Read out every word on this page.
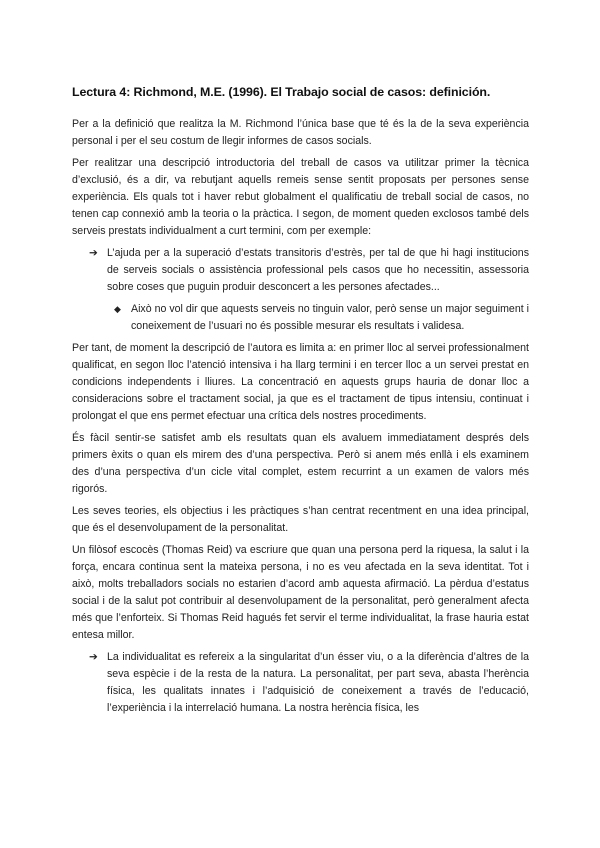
Lectura 4: Richmond, M.E. (1996). El Trabajo social de casos: definición.

Per a la definició que realitza la M. Richmond l’única base que té és la de la seva experiència personal i per el seu costum de llegir informes de casos socials.

Per realitzar una descripció introductoria del treball de casos va utilitzar primer la tècnica d’exclusió, és a dir, va rebutjant aquells remeis sense sentit proposats per persones sense experiència. Els quals tot i haver rebut globalment el qualificatiu de treball social de casos, no tenen cap connexió amb la teoria o la pràctica. I segon, de moment queden exclosos també dels serveis prestats individualment a curt termini, com per exemple:

➔ L’ajuda per a la superació d’estats transitoris d’estrès, per tal de que hi hagi institucions de serveis socials o assistència professional pels casos que ho necessitin, assessoria sobre coses que puguin produir desconcert a les persones afectades...
◆ Això no vol dir que aquests serveis no tinguin valor, però sense un major seguiment i coneixement de l’usuari no és possible mesurar els resultats i validesa.

Per tant, de moment la descripció de l’autora es limita a: en primer lloc al servei professionalment qualificat, en segon lloc l’atenció intensiva i ha llarg termini i en tercer lloc a un servei prestat en condicions independents i lliures. La concentració en aquests grups hauria de donar lloc a consideracions sobre el tractament social, ja que es el tractament de tipus intensiu, continuat i prolongat el que ens permet efectuar una crítica dels nostres procediments.

És fàcil sentir-se satisfet amb els resultats quan els avaluem immediatament després dels primers èxits o quan els mirem des d’una perspectiva. Però si anem més enllà i els examinem des d’una perspectiva d’un cicle vital complet, estem recurrint a un examen de valors més rigorós.

Les seves teories, els objectius i les pràctiques s’han centrat recentment en una idea principal, que és el desenvolupament de la personalitat.

Un filòsof escocès (Thomas Reid) va escriure que quan una persona perd la riquesa, la salut i la força, encara continua sent la mateixa persona, i no es veu afectada en la seva identitat. Tot i això, molts treballadors socials no estarien d’acord amb aquesta afirmació. La pèrdua d’estatus social i de la salut pot contribuir al desenvolupament de la personalitat, però generalment afecta més que l’enforteix. Si Thomas Reid hagués fet servir el terme individualitat, la frase hauria estat entesa millor.

➔ La individualitat es refereix a la singularitat d’un ésser viu, o a la diferència d’altres de la seva espècie i de la resta de la natura. La personalitat, per part seva, abasta l’herència física, les qualitats innates i l’adquisició de coneixement a través de l’educació, l’experiència i la interrelació humana. La nostra herència física, les
